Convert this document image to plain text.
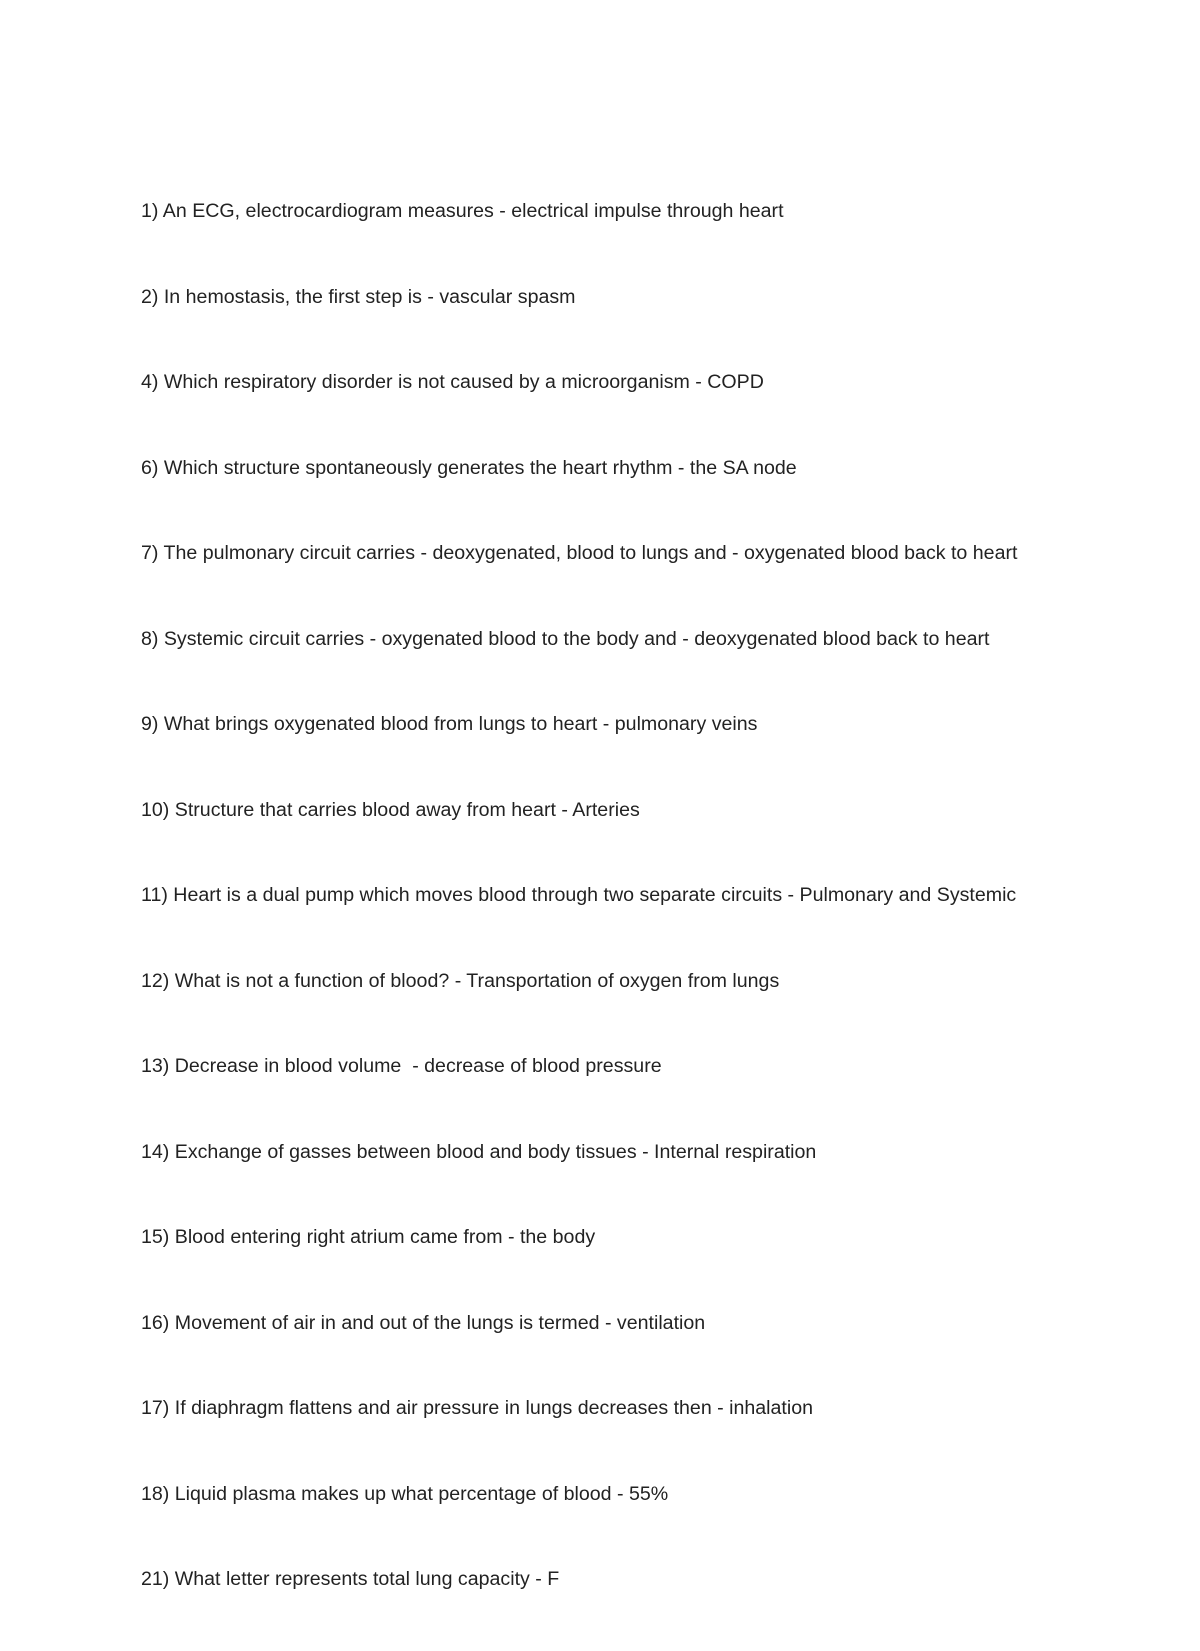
1) An ECG, electrocardiogram measures - electrical impulse through heart

2) In hemostasis, the first step is - vascular spasm

4) Which respiratory disorder is not caused by a microorganism - COPD

6) Which structure spontaneously generates the heart rhythm - the SA node

7) The pulmonary circuit carries - deoxygenated, blood to lungs and - oxygenated blood back to heart

8) Systemic circuit carries - oxygenated blood to the body and - deoxygenated blood back to heart

9) What brings oxygenated blood from lungs to heart - pulmonary veins

10) Structure that carries blood away from heart - Arteries

11) Heart is a dual pump which moves blood through two separate circuits - Pulmonary and Systemic

12) What is not a function of blood? - Transportation of oxygen from lungs

13) Decrease in blood volume  - decrease of blood pressure

14) Exchange of gasses between blood and body tissues - Internal respiration

15) Blood entering right atrium came from - the body

16) Movement of air in and out of the lungs is termed - ventilation

17) If diaphragm flattens and air pressure in lungs decreases then - inhalation

18) Liquid plasma makes up what percentage of blood - 55%

21) What letter represents total lung capacity - F
